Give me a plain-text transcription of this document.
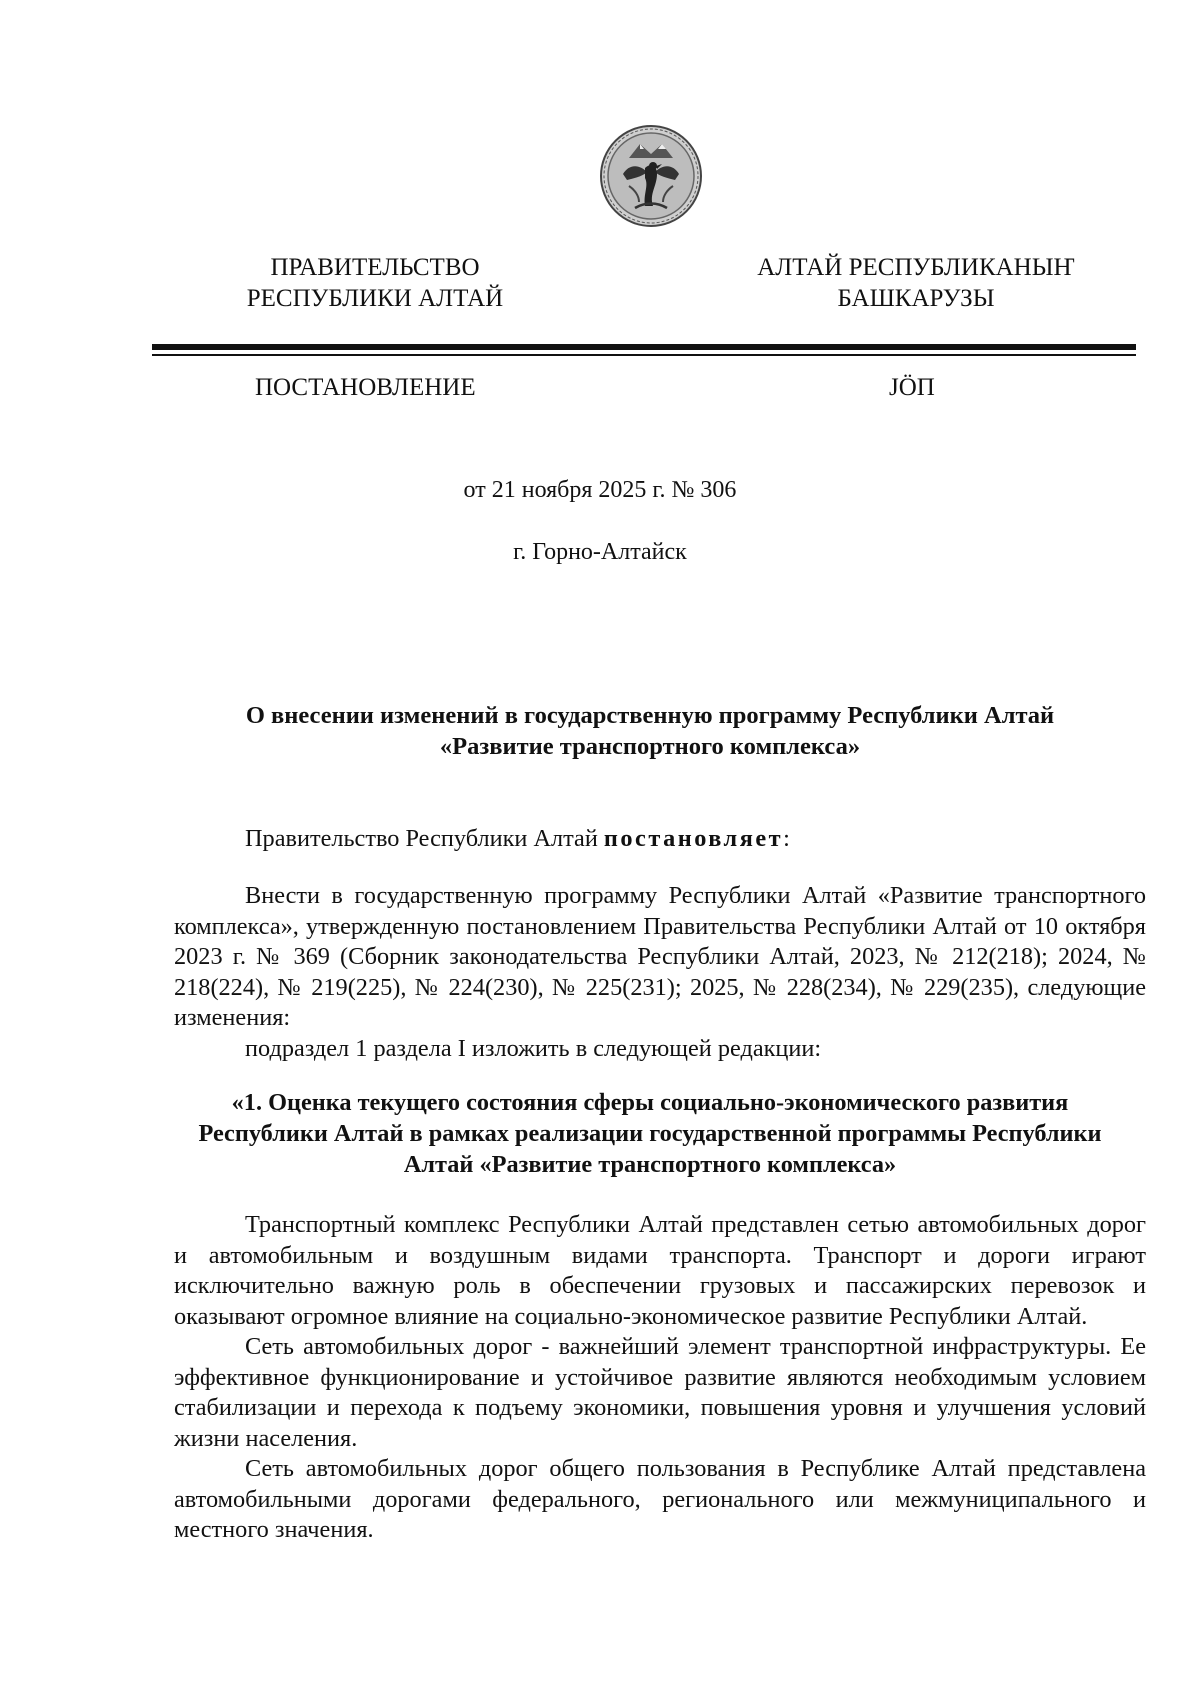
ПРАВИТЕЛЬСТВО
РЕСПУБЛИКИ АЛТАЙ
АЛТАЙ РЕСПУБЛИКАНЫҤ
БАШКАРУЗЫ
ПОСТАНОВЛЕНИЕ	JÖП
от 21 ноября 2025 г. № 306
г. Горно-Алтайск
О внесении изменений в государственную программу Республики Алтай
«Развитие транспортного комплекса»
Правительство Республики Алтай постановляет:
Внести в государственную программу Республики Алтай «Развитие транспортного комплекса», утвержденную постановлением Правительства Республики Алтай от 10 октября 2023 г. № 369 (Сборник законодательства Республики Алтай, 2023, № 212(218); 2024, № 218(224), № 219(225), № 224(230), № 225(231); 2025, № 228(234), № 229(235), следующие изменения:
подраздел 1 раздела I изложить в следующей редакции:
«1. Оценка текущего состояния сферы социально-экономического развития
Республики Алтай в рамках реализации государственной программы Республики
Алтай «Развитие транспортного комплекса»

Транспортный комплекс Республики Алтай представлен сетью автомобильных дорог и автомобильным и воздушным видами транспорта. Транспорт и дороги играют исключительно важную роль в обеспечении грузовых и пассажирских перевозок и оказывают огромное влияние на социально-экономическое развитие Республики Алтай.

Сеть автомобильных дорог - важнейший элемент транспортной инфраструктуры. Ее эффективное функционирование и устойчивое развитие являются необходимым условием стабилизации и перехода к подъему экономики, повышения уровня и улучшения условий жизни населения.

Сеть автомобильных дорог общего пользования в Республике Алтай представлена автомобильными дорогами федерального, регионального или межмуниципального и местного значения.
